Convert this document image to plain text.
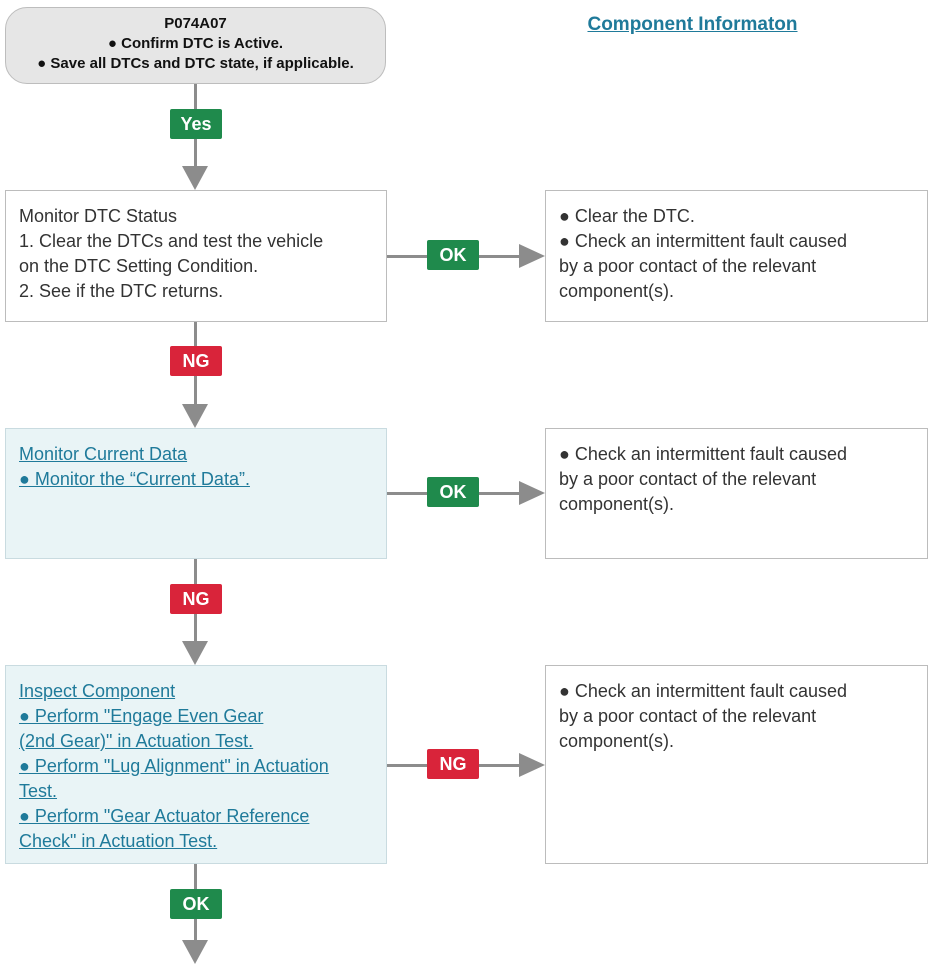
P074A07
● Confirm DTC is Active.
● Save all DTCs and DTC state, if applicable.
Component Informaton
Yes
Monitor DTC Status
1. Clear the DTCs and test the vehicle
on the DTC Setting Condition.
2. See if the DTC returns.
OK
● Clear the DTC.
● Check an intermittent fault caused
by a poor contact of the relevant
component(s).
NG
Monitor Current Data
● Monitor the “Current Data”.
OK
● Check an intermittent fault caused
by a poor contact of the relevant
component(s).
NG
Inspect Component
● Perform "Engage Even Gear
(2nd Gear)" in Actuation Test.
● Perform "Lug Alignment" in Actuation
Test.
● Perform "Gear Actuator Reference
Check" in Actuation Test.
NG
● Check an intermittent fault caused
by a poor contact of the relevant
component(s).
OK
